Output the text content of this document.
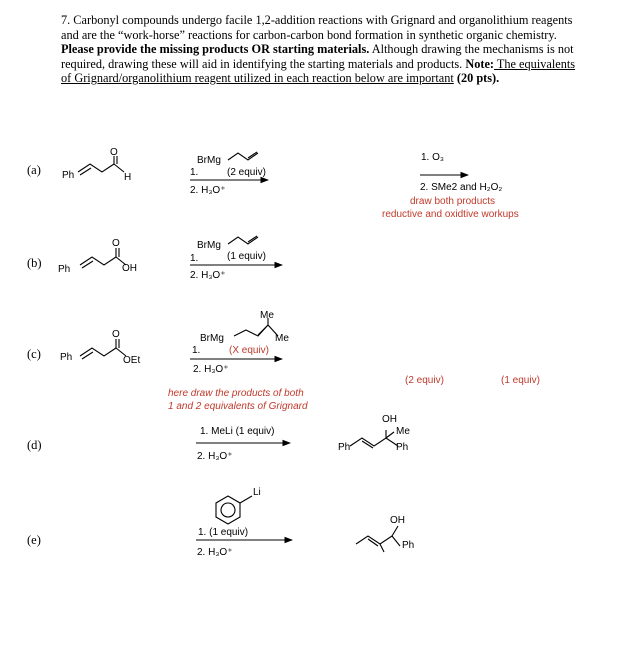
7. Carbonyl compounds undergo facile 1,2-addition reactions with Grignard and organolithium reagents and are the “work-horse” reactions for carbon-carbon bond formation in synthetic organic chemistry. Please provide the missing products OR starting materials. Although drawing the mechanisms is not required, drawing these will aid in identifying the starting materials and products. Note: The equivalents of Grignard/organolithium reagent utilized in each reaction below are important (20 pts).
(a)
(b)
(c)
(d)
(e)
Ph
O
H
BrMg
1.	(2 equiv)
2. H₃O⁺
1. O₃
2. SMe2 and H₂O₂
draw both products
reductive and oxidtive workups
Ph
O
OH
BrMg
1.	(1 equiv)
2. H₃O⁺
Ph
O
OEt
Me
BrMg	Me
1.	(X equiv)
2. H₃O⁺
here draw the products of both
1 and 2 equivalents of Grignard
(2 equiv)	(1 equiv)
1. MeLi (1 equiv)
2. H₃O⁺
Ph
OH
Me
Ph
Li
1. (1 equiv)
2. H₃O⁺
OH
Ph
